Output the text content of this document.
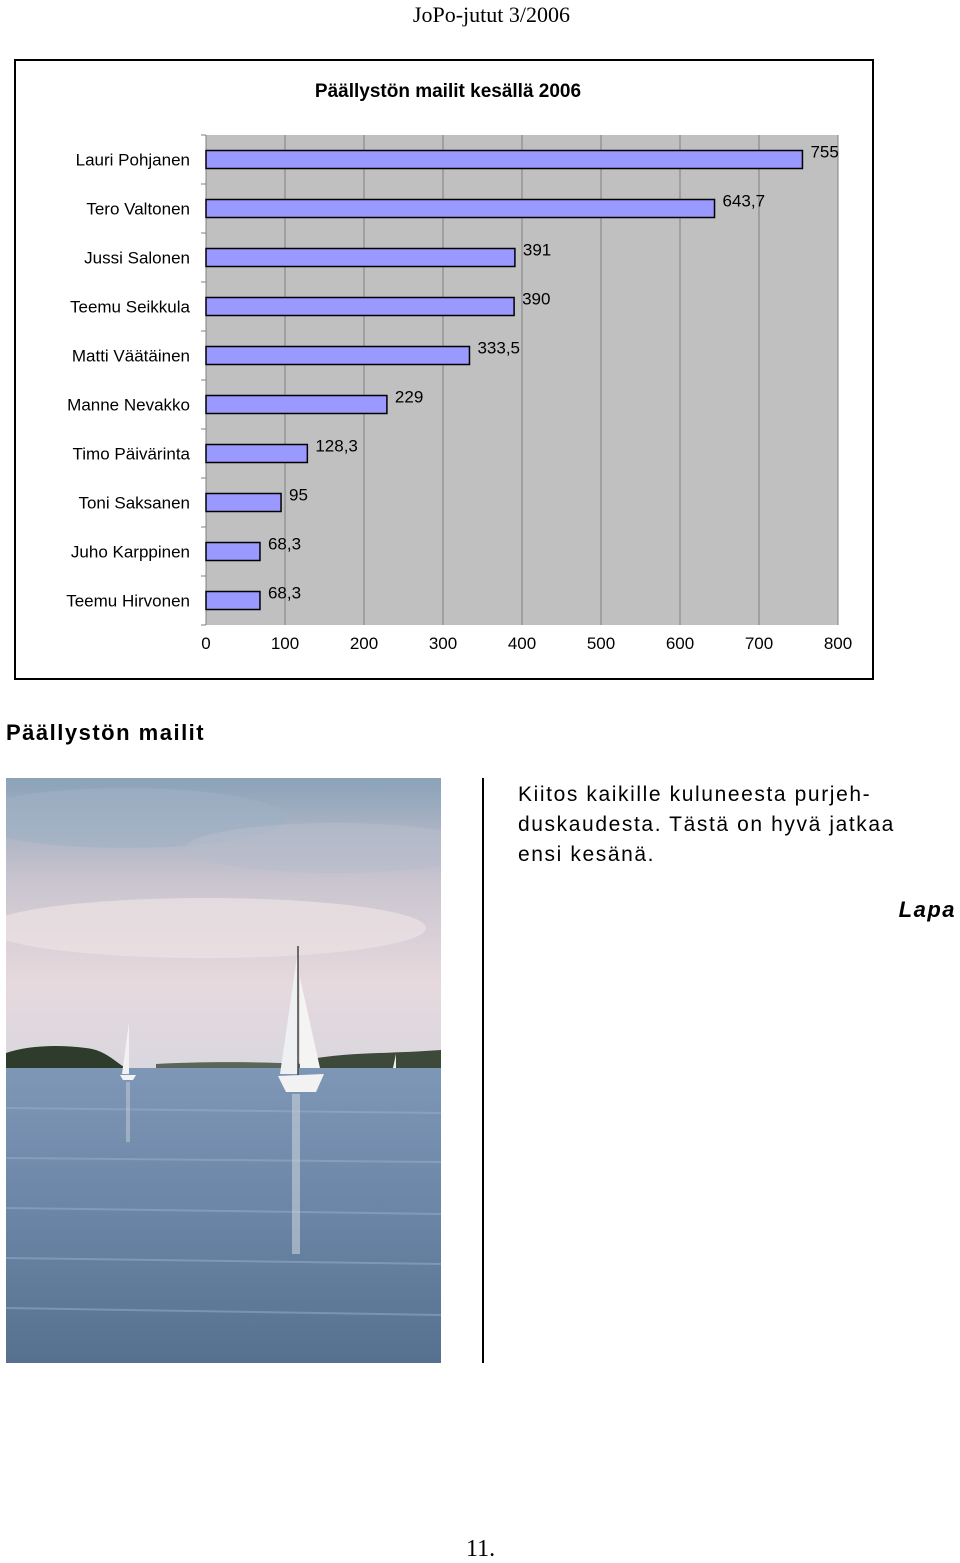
JoPo-jutut 3/2006
Päällystön mailit kesällä 2006
0	100	200	300	400	500	600	700	800
Lauri Pohjanen	755
Tero Valtonen	643,7
Jussi Salonen	391
Teemu Seikkula	390
Matti Väätäinen	333,5
Manne Nevakko	229
Timo Päivärinta	128,3
Toni Saksanen	95
Juho Karppinen	68,3
Teemu Hirvonen	68,3
Päällystön mailit
Kiitos kaikille kuluneesta purjeh-
duskaudesta. Tästä on hyvä jatkaa
ensi kesänä.
Lapa
11.
